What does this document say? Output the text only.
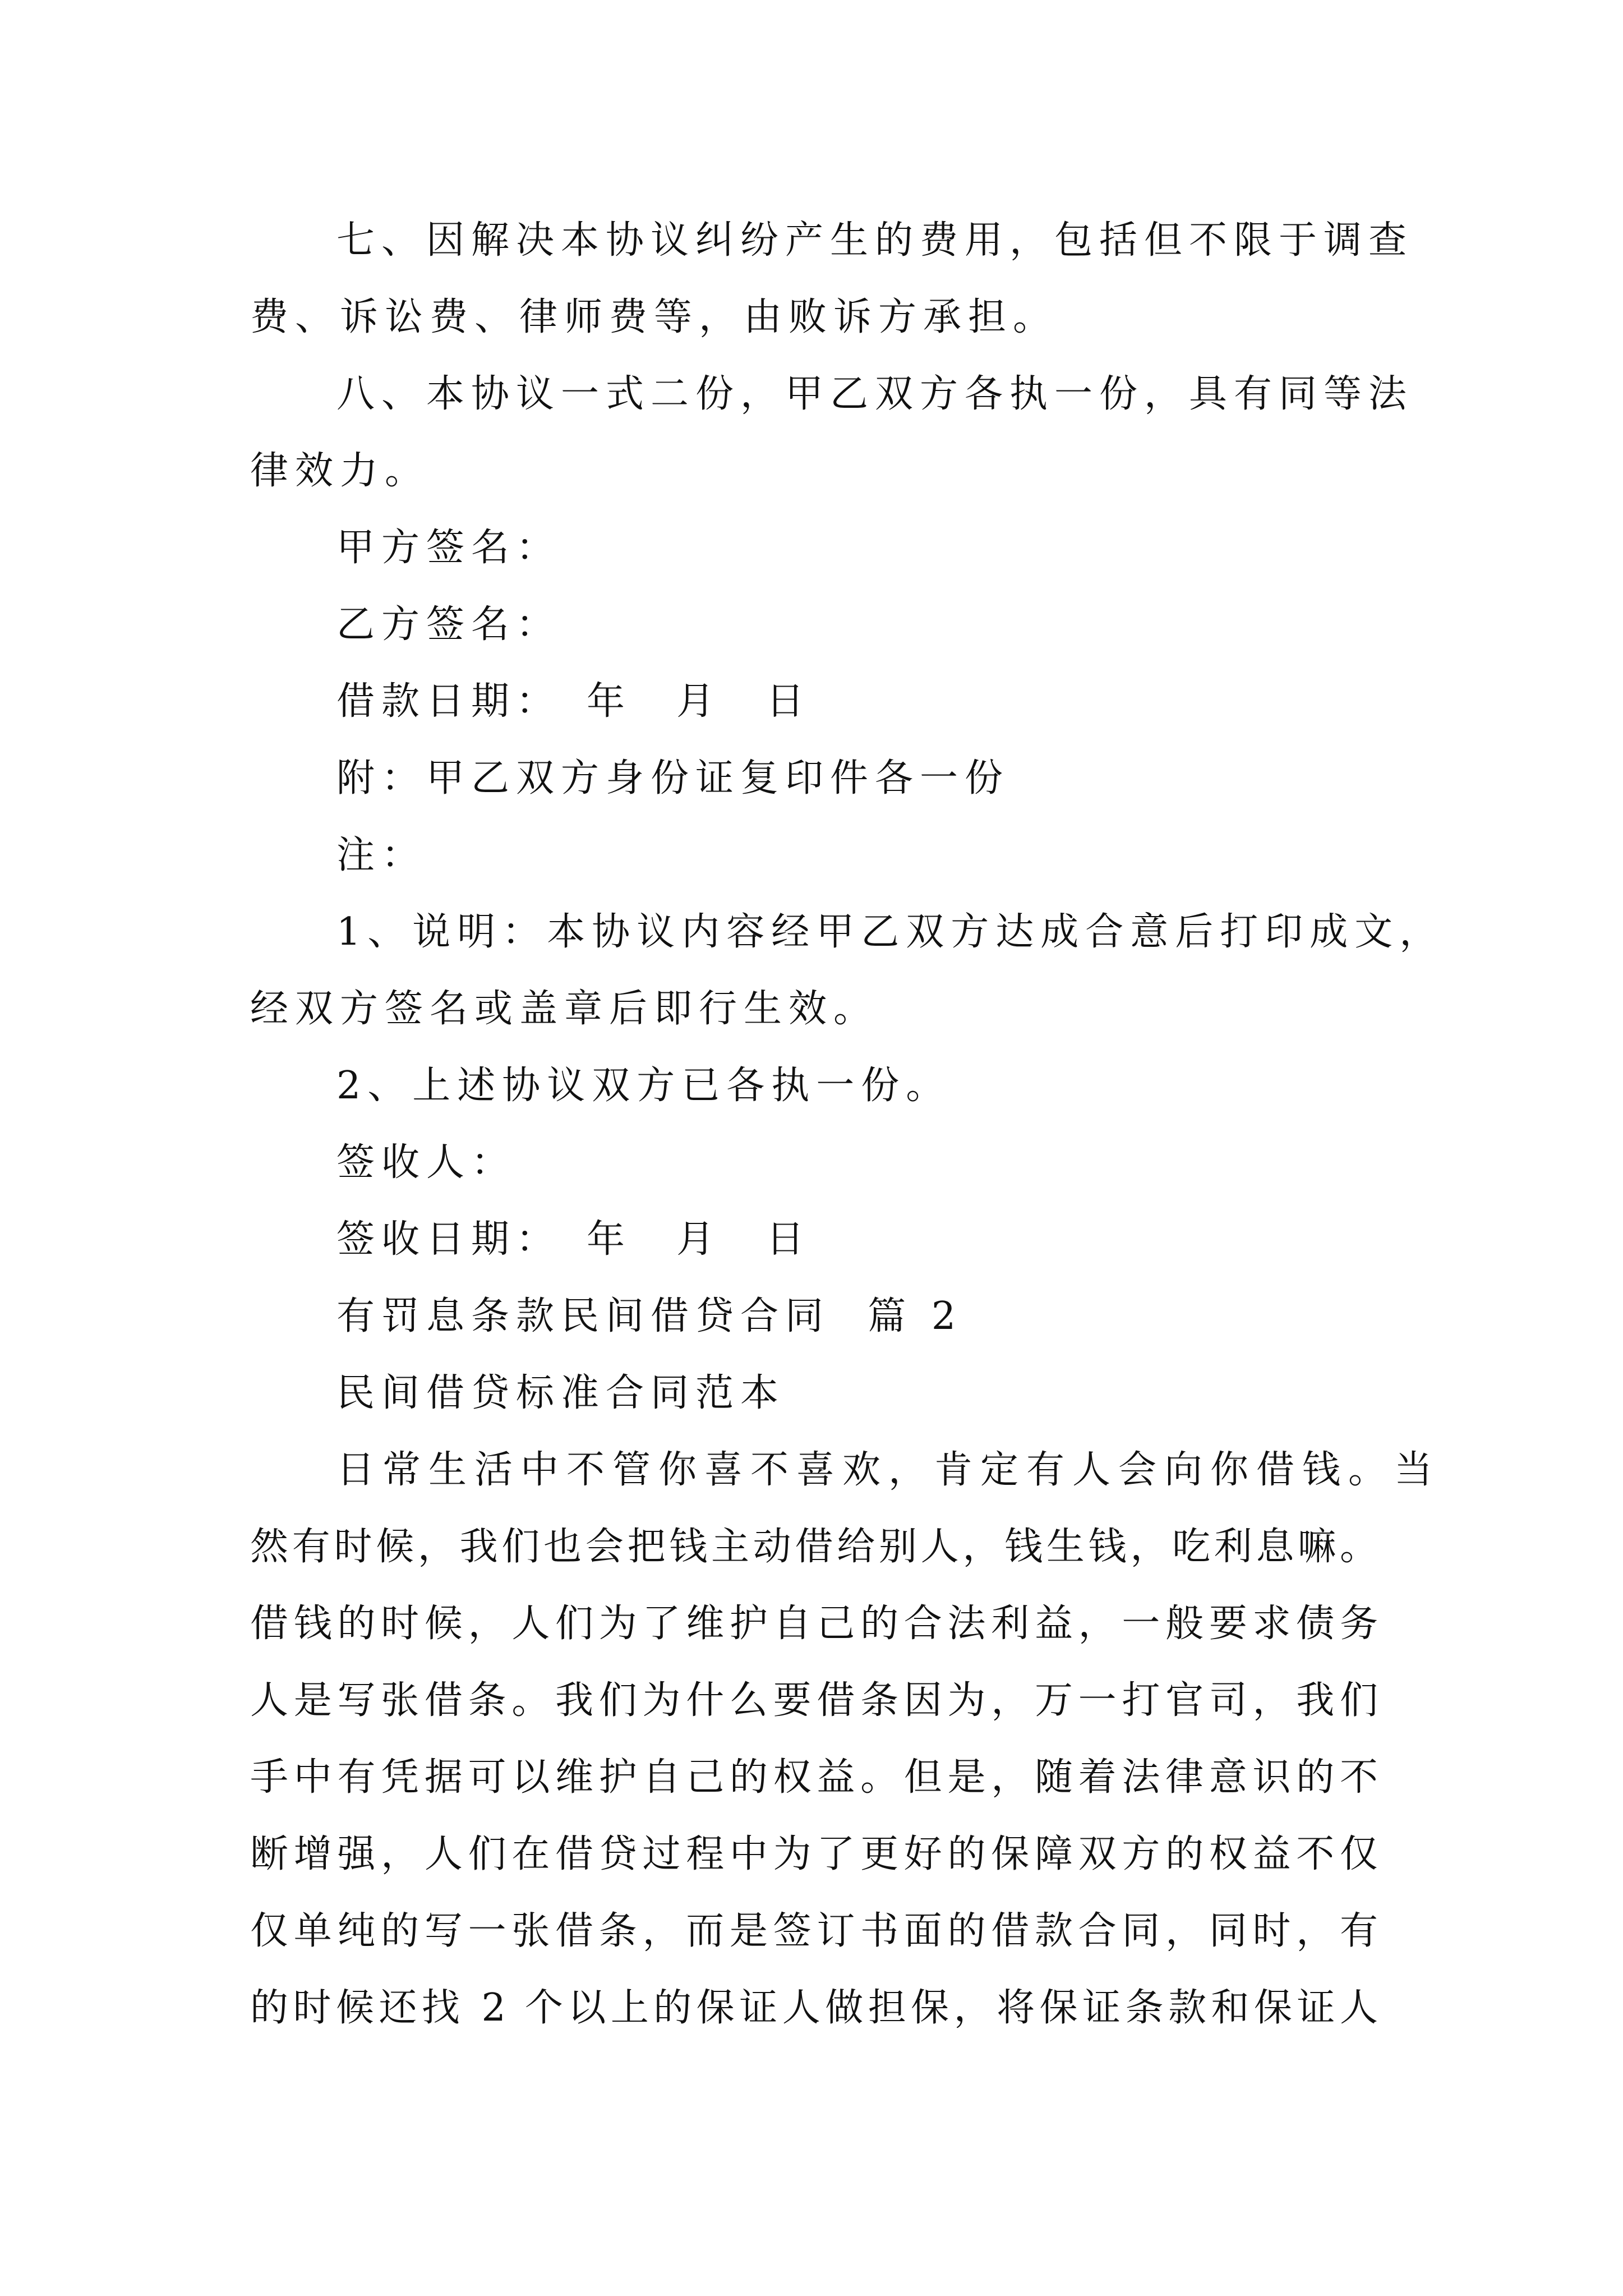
七、因解决本协议纠纷产生的费用，包括但不限于调查
费、诉讼费、律师费等，由败诉方承担。
八、本协议一式二份，甲乙双方各执一份，具有同等法
律效力。
甲方签名：
乙方签名：
借款日期：　年　月　日
附：甲乙双方身份证复印件各一份
注：
1、说明：本协议内容经甲乙双方达成合意后打印成文，
经双方签名或盖章后即行生效。
2、上述协议双方已各执一份。
签收人：
签收日期：　年　月　日
有罚息条款民间借贷合同  篇 2
民间借贷标准合同范本
日常生活中不管你喜不喜欢，肯定有人会向你借钱。当
然有时候，我们也会把钱主动借给别人，钱生钱，吃利息嘛。
借钱的时候，人们为了维护自己的合法利益，一般要求债务
人是写张借条。我们为什么要借条因为，万一打官司，我们
手中有凭据可以维护自己的权益。但是，随着法律意识的不
断增强，人们在借贷过程中为了更好的保障双方的权益不仅
仅单纯的写一张借条，而是签订书面的借款合同，同时，有
的时候还找 2 个以上的保证人做担保，将保证条款和保证人
